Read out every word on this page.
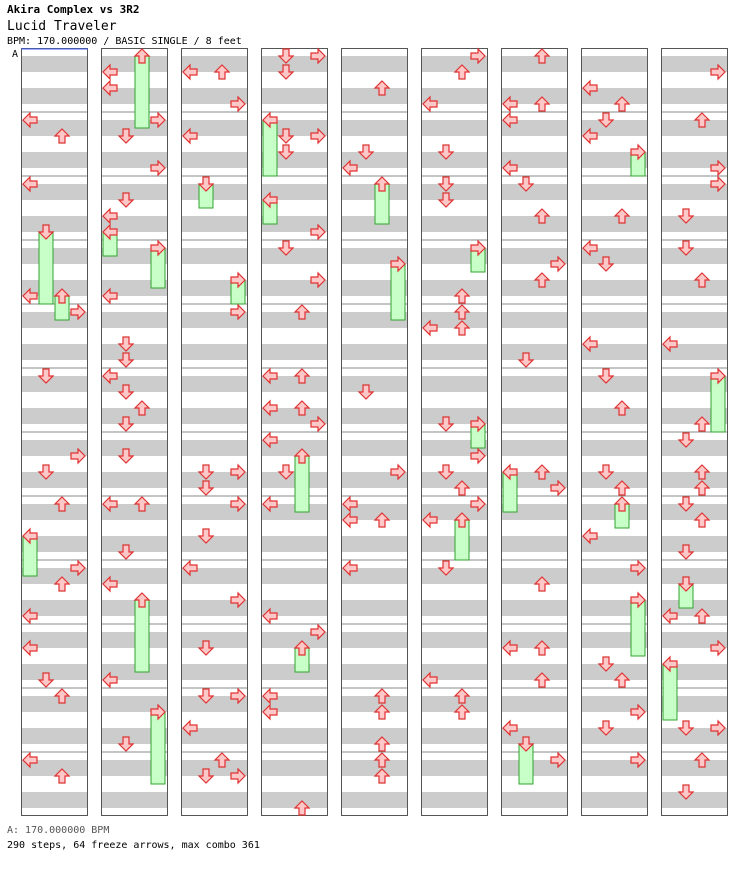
Akira Complex vs 3R2
Lucid Traveler
BPM: 170.000000 / BASIC SINGLE / 8 feet
A
A: 170.000000 BPM
290 steps, 64 freeze arrows, max combo 361
